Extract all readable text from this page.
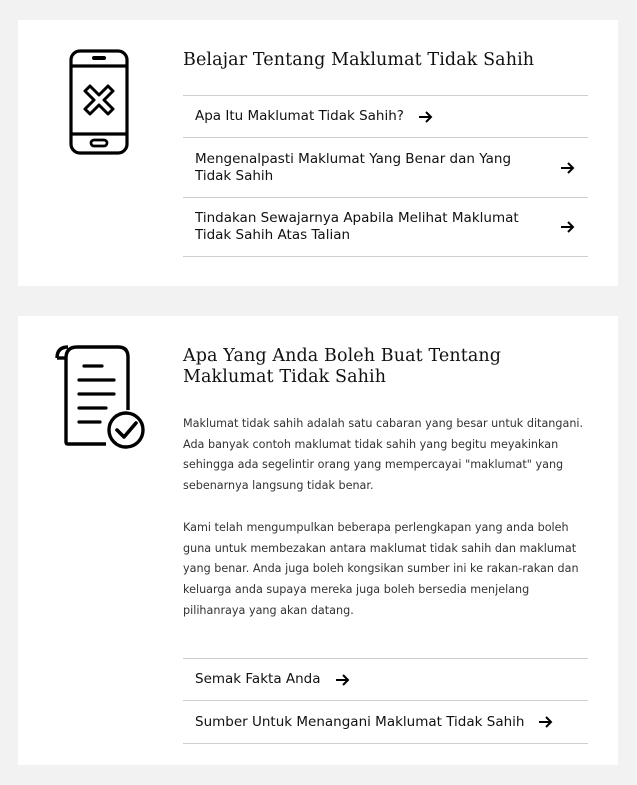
Belajar Tentang Maklumat Tidak Sahih
Apa Itu Maklumat Tidak Sahih?
Mengenalpasti Maklumat Yang Benar dan Yang Tidak Sahih
Tindakan Sewajarnya Apabila Melihat Maklumat Tidak Sahih Atas Talian
Apa Yang Anda Boleh Buat Tentang Maklumat Tidak Sahih

Maklumat tidak sahih adalah satu cabaran yang besar untuk ditangani. Ada banyak contoh maklumat tidak sahih yang begitu meyakinkan sehingga ada segelintir orang yang mempercayai "maklumat" yang sebenarnya langsung tidak benar.

Kami telah mengumpulkan beberapa perlengkapan yang anda boleh guna untuk membezakan antara maklumat tidak sahih dan maklumat yang benar. Anda juga boleh kongsikan sumber ini ke rakan-rakan dan keluarga anda supaya mereka juga boleh bersedia menjelang pilihanraya yang akan datang.

Semak Fakta Anda
Sumber Untuk Menangani Maklumat Tidak Sahih
